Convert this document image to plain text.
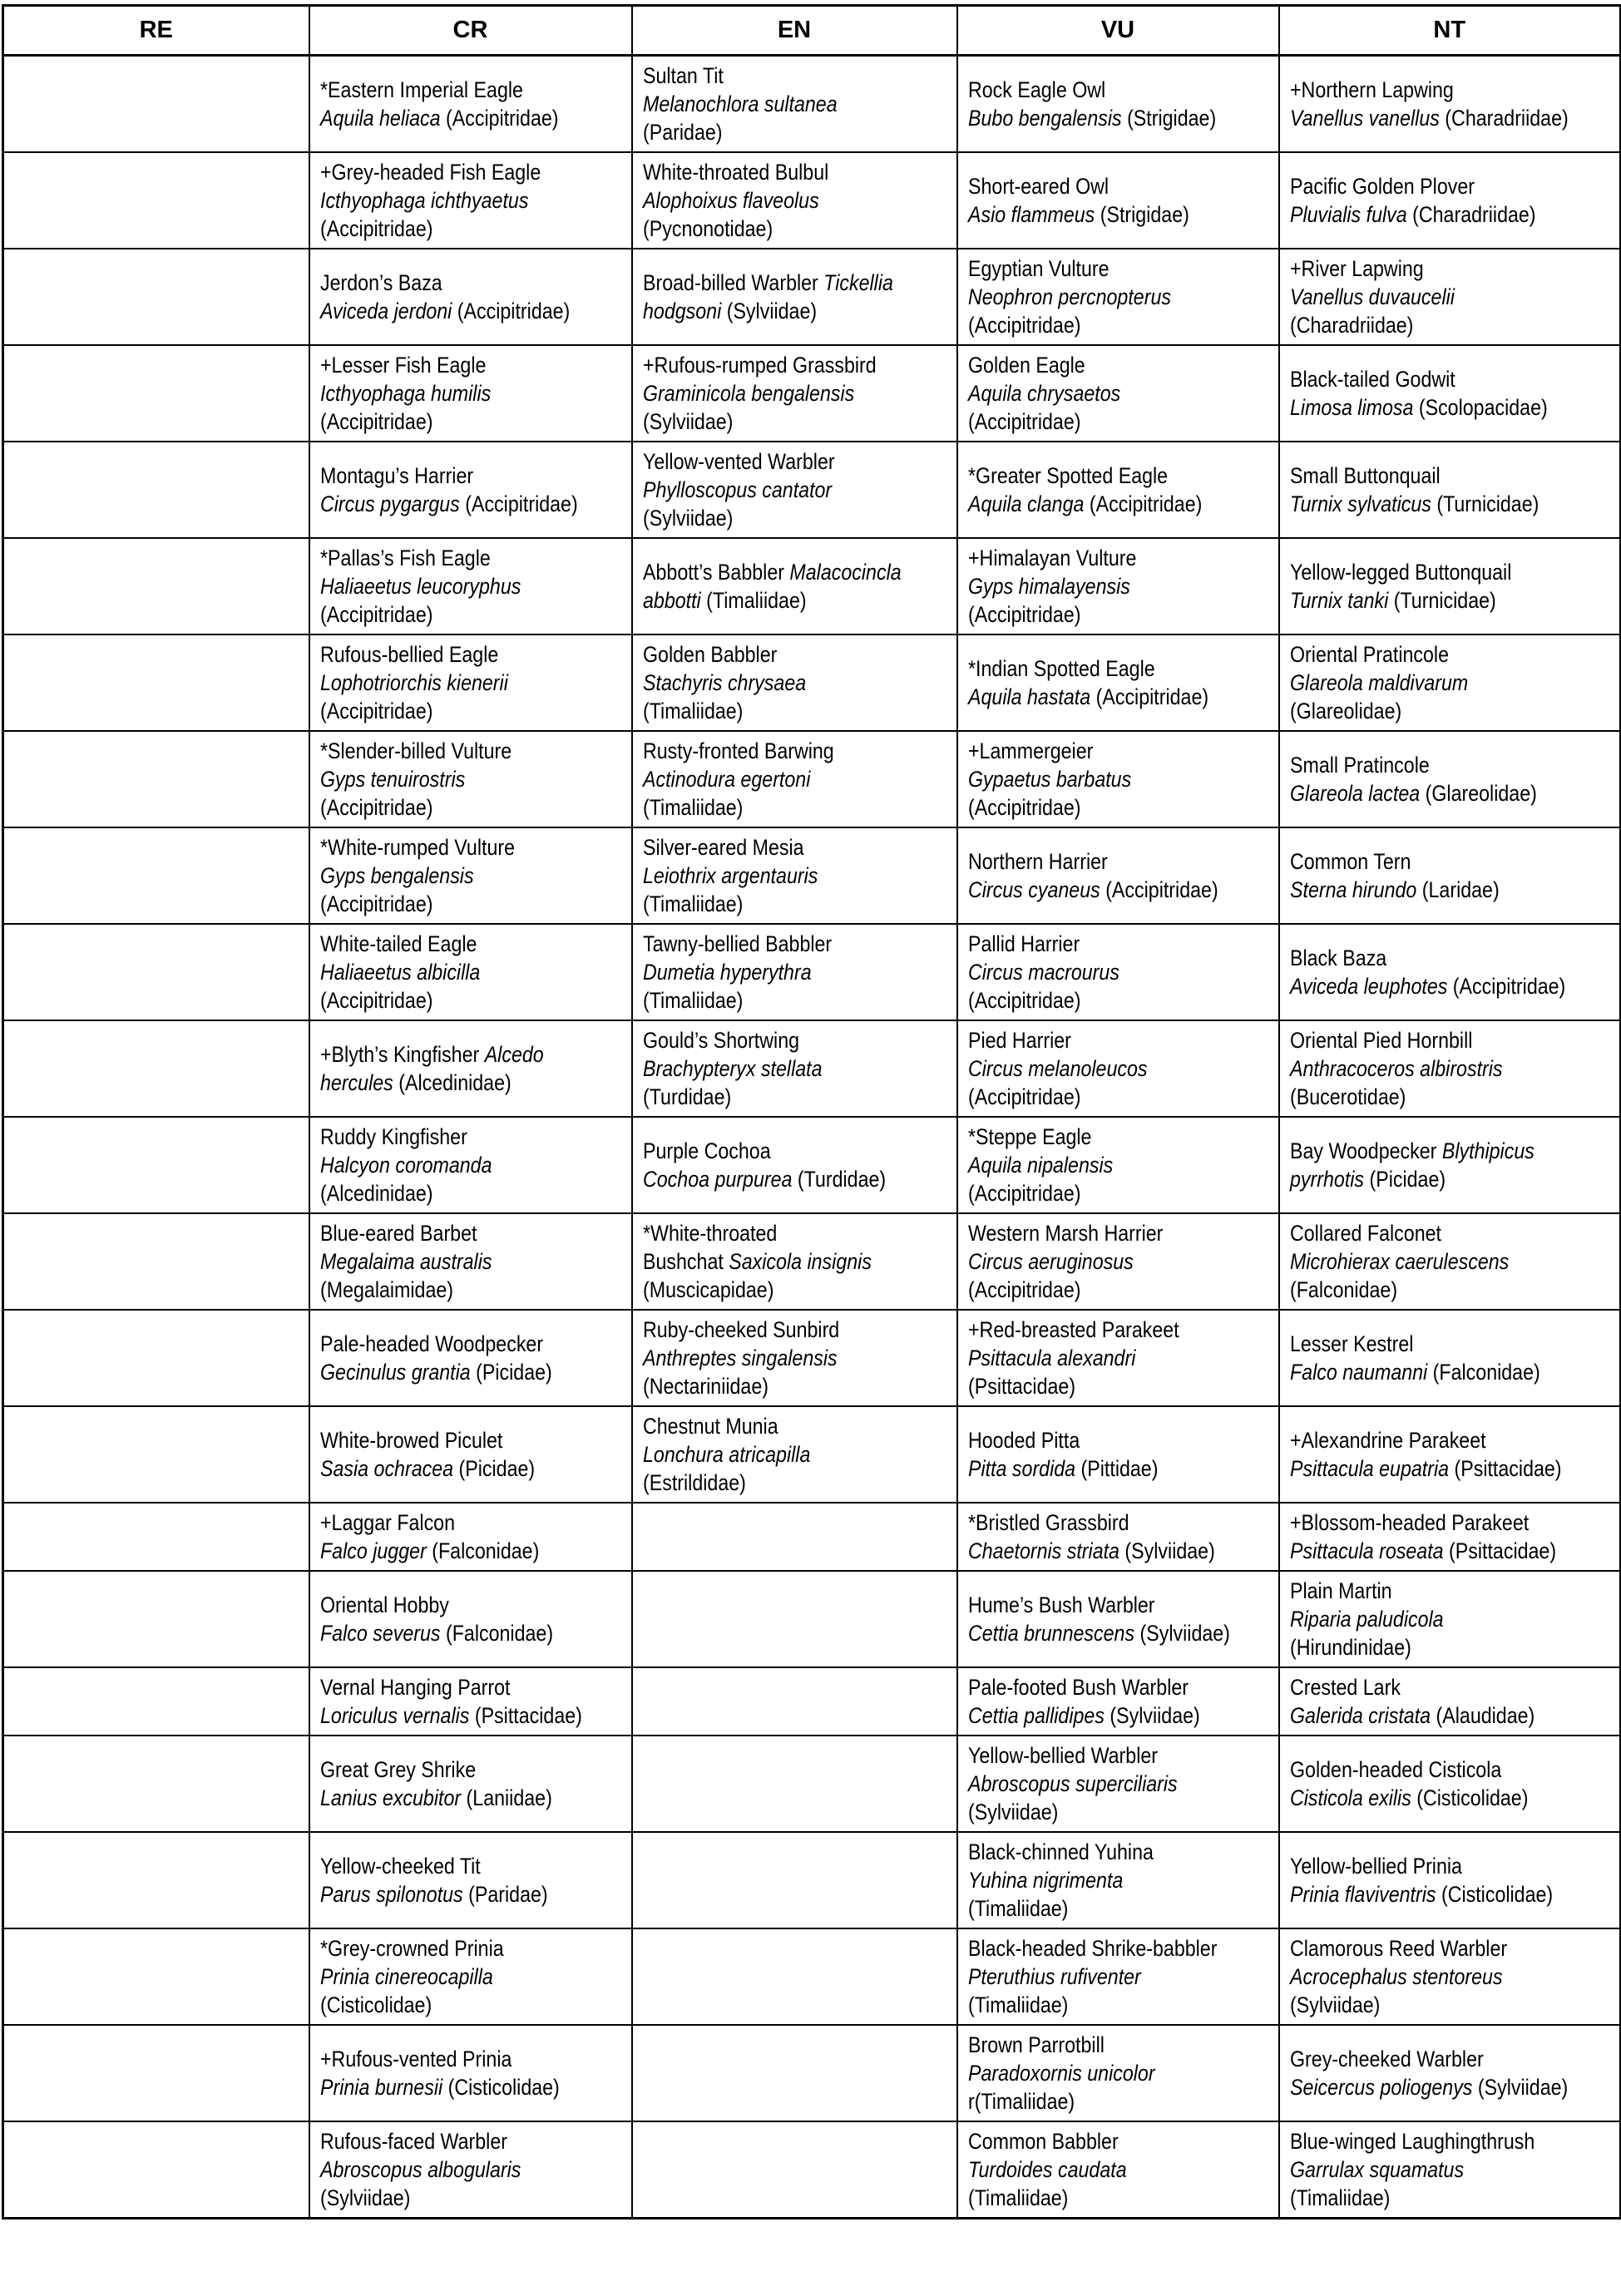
RE	CR	EN	VU	NT

	*Eastern Imperial Eagle
Aquila heliaca (Accipitridae)	Sultan Tit
Melanochlora sultanea
(Paridae)	Rock Eagle Owl
Bubo bengalensis (Strigidae)	+Northern Lapwing
Vanellus vanellus (Charadriidae)

	+Grey-headed Fish Eagle
Icthyophaga ichthyaetus
(Accipitridae)	White-throated Bulbul
Alophoixus flaveolus
(Pycnonotidae)	Short-eared Owl
Asio flammeus (Strigidae)	Pacific Golden Plover
Pluvialis fulva (Charadriidae)

	Jerdon’s Baza
Aviceda jerdoni (Accipitridae)	Broad-billed Warbler Tickellia
hodgsoni (Sylviidae)	Egyptian Vulture
Neophron percnopterus
(Accipitridae)	+River Lapwing
Vanellus duvaucelii
(Charadriidae)

	+Lesser Fish Eagle
Icthyophaga humilis
(Accipitridae)	+Rufous-rumped Grassbird
Graminicola bengalensis
(Sylviidae)	Golden Eagle
Aquila chrysaetos
(Accipitridae)	Black-tailed Godwit
Limosa limosa (Scolopacidae)

	Montagu’s Harrier
Circus pygargus (Accipitridae)	Yellow-vented Warbler
Phylloscopus cantator
(Sylviidae)	*Greater Spotted Eagle
Aquila clanga (Accipitridae)	Small Buttonquail
Turnix sylvaticus (Turnicidae)

	*Pallas’s Fish Eagle
Haliaeetus leucoryphus
(Accipitridae)	Abbott’s Babbler Malacocincla
abbotti (Timaliidae)	+Himalayan Vulture
Gyps himalayensis
(Accipitridae)	Yellow-legged Buttonquail
Turnix tanki (Turnicidae)

	Rufous-bellied Eagle
Lophotriorchis kienerii
(Accipitridae)	Golden Babbler
Stachyris chrysaea
(Timaliidae)	*Indian Spotted Eagle
Aquila hastata (Accipitridae)	Oriental Pratincole
Glareola maldivarum
(Glareolidae)

	*Slender-billed Vulture
Gyps tenuirostris
(Accipitridae)	Rusty-fronted Barwing
Actinodura egertoni
(Timaliidae)	+Lammergeier
Gypaetus barbatus
(Accipitridae)	Small Pratincole
Glareola lactea (Glareolidae)

	*White-rumped Vulture
Gyps bengalensis
(Accipitridae)	Silver-eared Mesia
Leiothrix argentauris
(Timaliidae)	Northern Harrier
Circus cyaneus (Accipitridae)	Common Tern
Sterna hirundo (Laridae)

	White-tailed Eagle
Haliaeetus albicilla
(Accipitridae)	Tawny-bellied Babbler
Dumetia hyperythra
(Timaliidae)	Pallid Harrier
Circus macrourus
(Accipitridae)	Black Baza
Aviceda leuphotes (Accipitridae)

	+Blyth’s Kingfisher Alcedo
hercules (Alcedinidae)	Gould’s Shortwing
Brachypteryx stellata
(Turdidae)	Pied Harrier
Circus melanoleucos
(Accipitridae)	Oriental Pied Hornbill
Anthracoceros albirostris
(Bucerotidae)

	Ruddy Kingfisher
Halcyon coromanda
(Alcedinidae)	Purple Cochoa
Cochoa purpurea (Turdidae)	*Steppe Eagle
Aquila nipalensis
(Accipitridae)	Bay Woodpecker Blythipicus
pyrrhotis (Picidae)

	Blue-eared Barbet
Megalaima australis
(Megalaimidae)	*White-throated
Bushchat Saxicola insignis
(Muscicapidae)	Western Marsh Harrier
Circus aeruginosus
(Accipitridae)	Collared Falconet
Microhierax caerulescens
(Falconidae)

	Pale-headed Woodpecker
Gecinulus grantia (Picidae)	Ruby-cheeked Sunbird
Anthreptes singalensis
(Nectariniidae)	+Red-breasted Parakeet
Psittacula alexandri
(Psittacidae)	Lesser Kestrel
Falco naumanni (Falconidae)

	White-browed Piculet
Sasia ochracea (Picidae)	Chestnut Munia
Lonchura atricapilla
(Estrildidae)	Hooded Pitta
Pitta sordida (Pittidae)	+Alexandrine Parakeet
Psittacula eupatria (Psittacidae)

	+Laggar Falcon
Falco jugger (Falconidae)		*Bristled Grassbird
Chaetornis striata (Sylviidae)	+Blossom-headed Parakeet
Psittacula roseata (Psittacidae)

	Oriental Hobby
Falco severus (Falconidae)		Hume’s Bush Warbler
Cettia brunnescens (Sylviidae)	Plain Martin
Riparia paludicola
(Hirundinidae)

	Vernal Hanging Parrot
Loriculus vernalis (Psittacidae)		Pale-footed Bush Warbler
Cettia pallidipes (Sylviidae)	Crested Lark
Galerida cristata (Alaudidae)

	Great Grey Shrike
Lanius excubitor (Laniidae)		Yellow-bellied Warbler
Abroscopus superciliaris
(Sylviidae)	Golden-headed Cisticola
Cisticola exilis (Cisticolidae)

	Yellow-cheeked Tit
Parus spilonotus (Paridae)		Black-chinned Yuhina
Yuhina nigrimenta
(Timaliidae)	Yellow-bellied Prinia
Prinia flaviventris (Cisticolidae)

	*Grey-crowned Prinia
Prinia cinereocapilla
(Cisticolidae)		Black-headed Shrike-babbler
Pteruthius rufiventer
(Timaliidae)	Clamorous Reed Warbler
Acrocephalus stentoreus
(Sylviidae)

	+Rufous-vented Prinia
Prinia burnesii (Cisticolidae)		Brown Parrotbill
Paradoxornis unicolor
r(Timaliidae)	Grey-cheeked Warbler
Seicercus poliogenys (Sylviidae)

	Rufous-faced Warbler
Abroscopus albogularis
(Sylviidae)		Common Babbler
Turdoides caudata
(Timaliidae)	Blue-winged Laughingthrush
Garrulax squamatus
(Timaliidae)
